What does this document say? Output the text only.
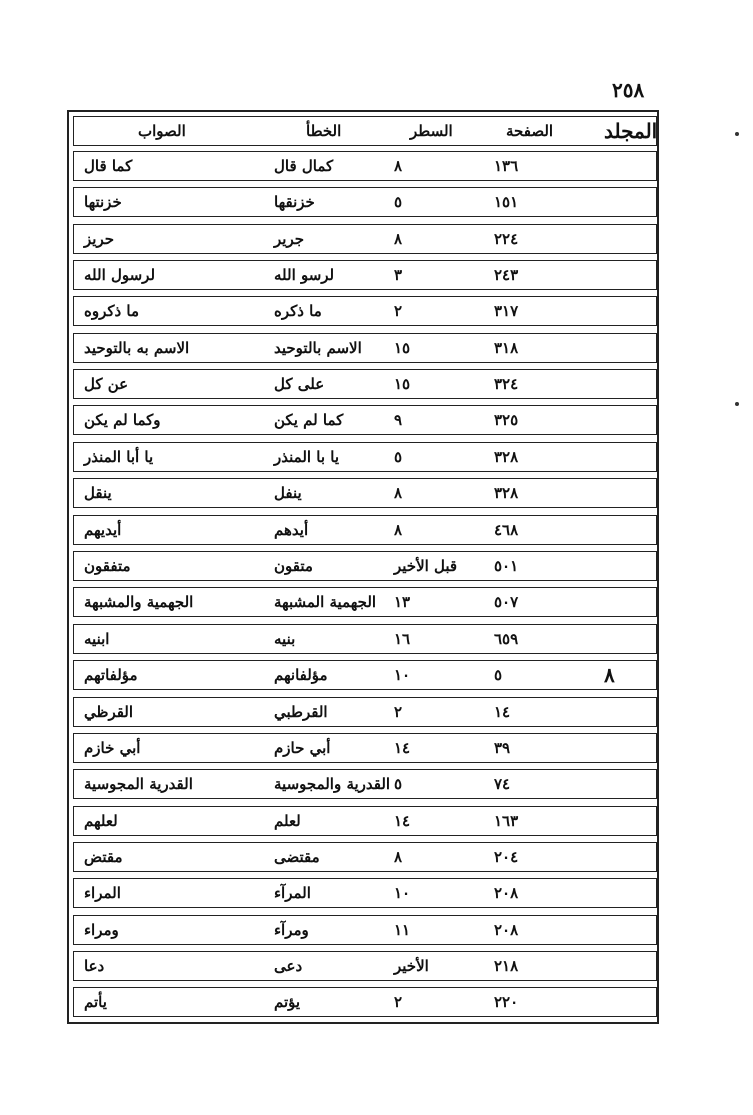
٢٥٨
المجلد
الصفحة
السطر
الخطأ
الصواب
١٣٦
٨
كمال قال
كما قال
١٥١
٥
خزنقها
خزنتها
٢٢٤
٨
جرير
حريز
٢٤٣
٣
لرسو الله
لرسول الله
٣١٧
٢
ما ذكره
ما ذكروه
٣١٨
١٥
الاسم بالتوحيد
الاسم به بالتوحيد
٣٢٤
١٥
على كل
عن كل
٣٢٥
٩
كما لم يكن
وكما لم يكن
٣٢٨
٥
يا با المنذر
يا أبا المنذر
٣٢٨
٨
ينفل
ينقل
٤٦٨
٨
أيدهم
أيديهم
٥٠١
قبل الأخير
متقون
متفقون
٥٠٧
١٣
الجهمية المشبهة
الجهمية والمشبهة
٦٥٩
١٦
بنيه
ابنيه
٨
٥
١٠
مؤلفانهم
مؤلفاتهم
١٤
٢
القرطبي
القرظي
٣٩
١٤
أبي حازم
أبي خازم
٧٤
٥
القدرية والمجوسية
القدرية المجوسية
١٦٣
١٤
لعلم
لعلهم
٢٠٤
٨
مقتضى
مقتض
٢٠٨
١٠
المرآء
المراء
٢٠٨
١١
ومرآء
ومراء
٢١٨
الأخير
دعى
دعا
٢٢٠
٢
يؤتم
يأتم
